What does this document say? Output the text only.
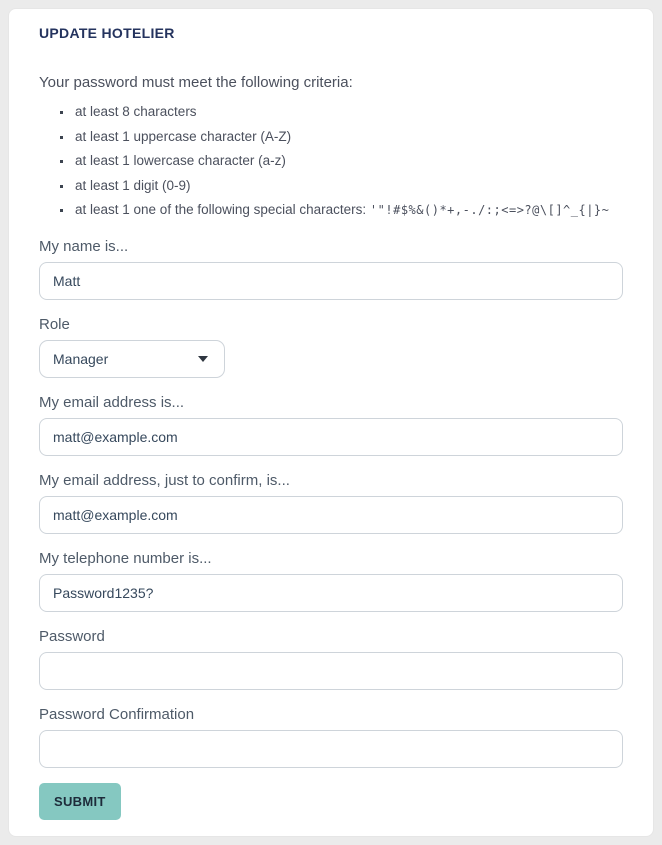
UPDATE HOTELIER

Your password must meet the following criteria:

▪ at least 8 characters
▪ at least 1 uppercase character (A-Z)
▪ at least 1 lowercase character (a-z)
▪ at least 1 digit (0-9)
▪ at least 1 one of the following special characters: '"!#$%&()*+,-./:;<=>?@\[]^_{|}~
My name is...
Matt
Role
Manager
My email address is...
matt@example.com
My email address, just to confirm, is...
matt@example.com
My telephone number is...
Password1235?
Password
Password Confirmation
SUBMIT
